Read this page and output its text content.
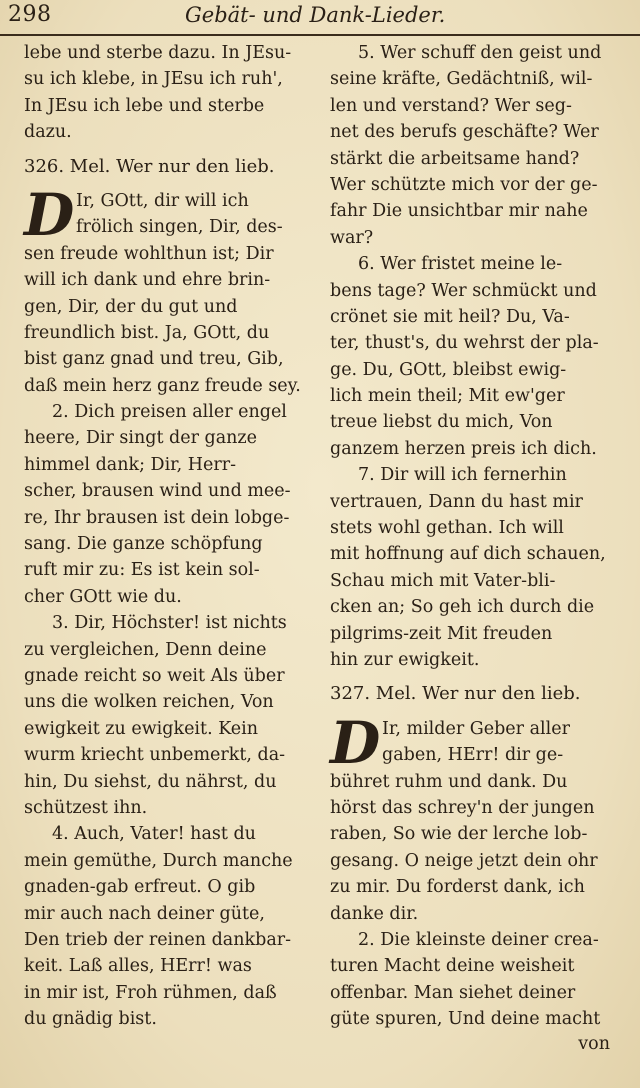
298	Gebät- und Dank-Lieder.
lebe und sterbe dazu. In JEsu-
su ich klebe, in JEsu ich ruh',
In JEsu ich lebe und sterbe
dazu.
326. Mel. Wer nur den lieb.
D Ir, GOtt, dir will ich
frölich singen, Dir, des-
sen freude wohlthun ist; Dir
will ich dank und ehre brin-
gen, Dir, der du gut und
freundlich bist. Ja, GOtt, du
bist ganz gnad und treu, Gib,
daß mein herz ganz freude sey.
2. Dich preisen aller engel
heere, Dir singt der ganze
himmel dank; Dir, Herr-
scher, brausen wind und mee-
re, Ihr brausen ist dein lobge-
sang. Die ganze schöpfung
ruft mir zu: Es ist kein sol-
cher GOtt wie du.
3. Dir, Höchster! ist nichts
zu vergleichen, Denn deine
gnade reicht so weit Als über
uns die wolken reichen, Von
ewigkeit zu ewigkeit. Kein
wurm kriecht unbemerkt, da-
hin, Du siehst, du nährst, du
schützest ihn.
4. Auch, Vater! hast du
mein gemüthe, Durch manche
gnaden-gab erfreut. O gib
mir auch nach deiner güte,
Den trieb der reinen dankbar-
keit. Laß alles, HErr! was
in mir ist, Froh rühmen, daß
du gnädig bist.
5. Wer schuff den geist und
seine kräfte, Gedächtniß, wil-
len und verstand? Wer seg-
net des berufs geschäfte? Wer
stärkt die arbeitsame hand?
Wer schützte mich vor der ge-
fahr Die unsichtbar mir nahe
war?
6. Wer fristet meine le-
bens tage? Wer schmückt und
crönet sie mit heil? Du, Va-
ter, thust's, du wehrst der pla-
ge. Du, GOtt, bleibst ewig-
lich mein theil; Mit ew'ger
treue liebst du mich, Von
ganzem herzen preis ich dich.
7. Dir will ich fernerhin
vertrauen, Dann du hast mir
stets wohl gethan. Ich will
mit hoffnung auf dich schauen,
Schau mich mit Vater-bli-
cken an; So geh ich durch die
pilgrims-zeit Mit freuden
hin zur ewigkeit.
327. Mel. Wer nur den lieb.
D Ir, milder Geber aller
gaben, HErr! dir ge-
bühret ruhm und dank. Du
hörst das schrey'n der jungen
raben, So wie der lerche lob-
gesang. O neige jetzt dein ohr
zu mir. Du forderst dank, ich
danke dir.
2. Die kleinste deiner crea-
turen Macht deine weisheit
offenbar. Man siehet deiner
güte spuren, Und deine macht
von
